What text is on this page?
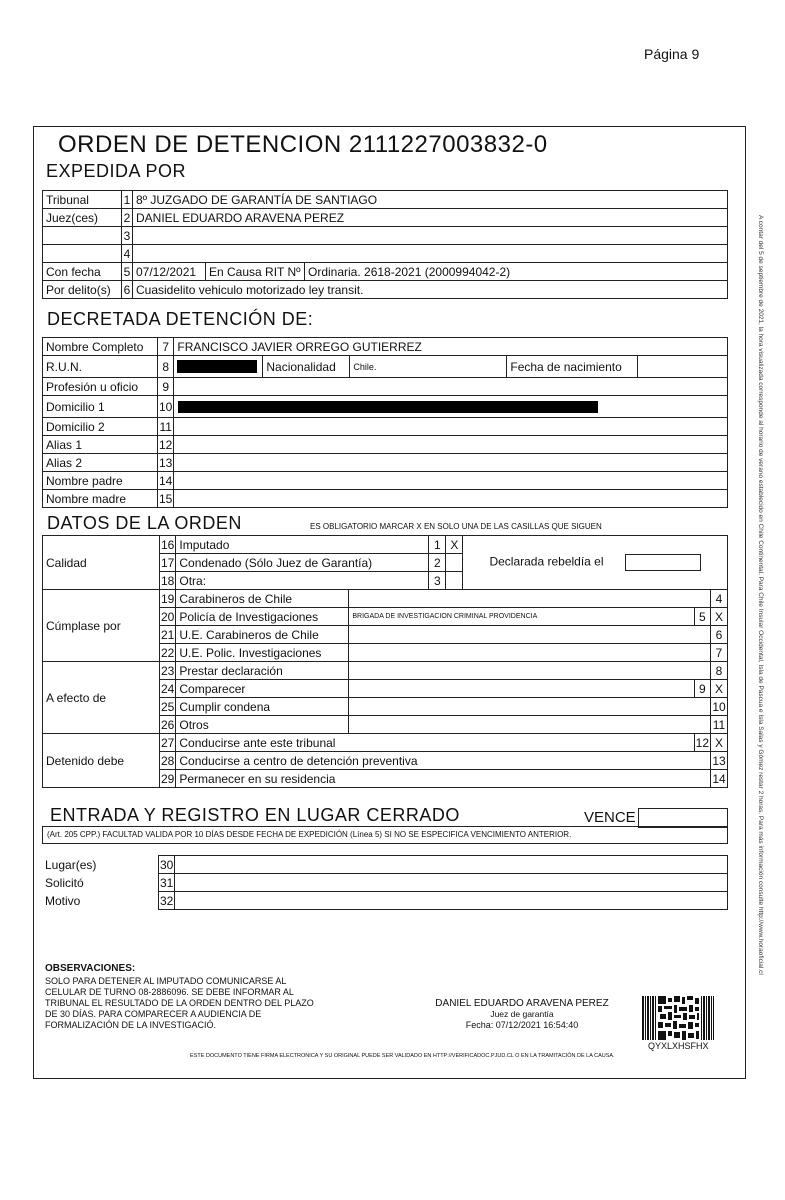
Página 9
ORDEN DE DETENCION 2111227003832-0
EXPEDIDA POR
Tribunal	1	8º JUZGADO DE GARANTÍA DE SANTIAGO		
Juez(ces)	2	DANIEL EDUARDO ARAVENA PEREZ		
	3			
	4			
Con fecha	5	07/12/2021	En Causa RIT Nº	Ordinaria. 2618-2021 (2000994042-2)
Por delito(s)	6	Cuasidelito vehiculo motorizado ley transit.		
DECRETADA DETENCIÓN DE:
Nombre Completo	7	FRANCISCO JAVIER ORREGO GUTIERREZ				
R.U.N.	8		Nacionalidad	Chile.	Fecha de nacimiento	
Profesión u oficio	9					
Domicilio 1	10					

Domicilio 2	11					
Alias 1	12					
Alias 2	13					
Nombre padre	14					
Nombre madre	15					
DATOS DE LA ORDEN	ES OBLIGATORIO MARCAR X EN SOLO UNA DE LAS CASILLAS QUE SIGUEN
Calidad	16	Imputado		1	X	Declarada rebeldía el		
	17	Condenado (Sólo Juez de Garantía)		2				
	18	Otra:		3				
Cúmplase por	19	Carabineros de Chile						4
	20	Policía de Investigaciones	BRIGADA DE INVESTIGACION CRIMINAL PROVIDENCIA				5	X
	21	U.E. Carabineros de Chile						6
	22	U.E. Polic. Investigaciones						7
A efecto de	23	Prestar declaración						8
	24	Comparecer					9	X
	25	Cumplir condena						10
	26	Otros						11
Detenido debe	27	Conducirse ante este tribunal					12	X
	28	Conducirse a centro de detención preventiva						13
	29	Permanecer en su residencia						14
ENTRADA Y REGISTRO EN LUGAR CERRADO	VENCE
(Art. 205 CPP.) FACULTAD VALIDA POR 10 DÍAS DESDE FECHA DE EXPEDICIÓN (Línea 5) SI NO SE ESPECIFICA VENCIMIENTO ANTERIOR.
Lugar(es)	30	
Solicitó	31	
Motivo	32	
OBSERVACIONES:
SOLO PARA DETENER AL IMPUTADO COMUNICARSE AL
CELULAR DE TURNO 08-2886096. SE DEBE INFORMAR AL
TRIBUNAL EL RESULTADO DE LA ORDEN DENTRO DEL PLAZO
DE 30 DÍAS. PARA COMPARECER A AUDIENCIA DE
FORMALIZACIÓN DE LA INVESTIGACIÓ.
DANIEL EDUARDO ARAVENA PEREZ
Juez de garantía
Fecha: 07/12/2021 16:54:40
QYXLXHSFHX
ESTE DOCUMENTO TIENE FIRMA ELECTRONICA Y SU ORIGINAL PUEDE SER VALIDADO EN HTTP://VERIFICADOC.PJUD.CL O EN LA TRAMITACIÓN DE LA CAUSA.
A contar del 5 de septiembre de 2021, la hora visualizada corresponde al horario de verano establecido en Chile Continental. Para Chile Insular Occidental, Isla de Pascua e Isla Salas y Gómez restar 2 horas. Para más información consulte http://www.horaoficial.cl
